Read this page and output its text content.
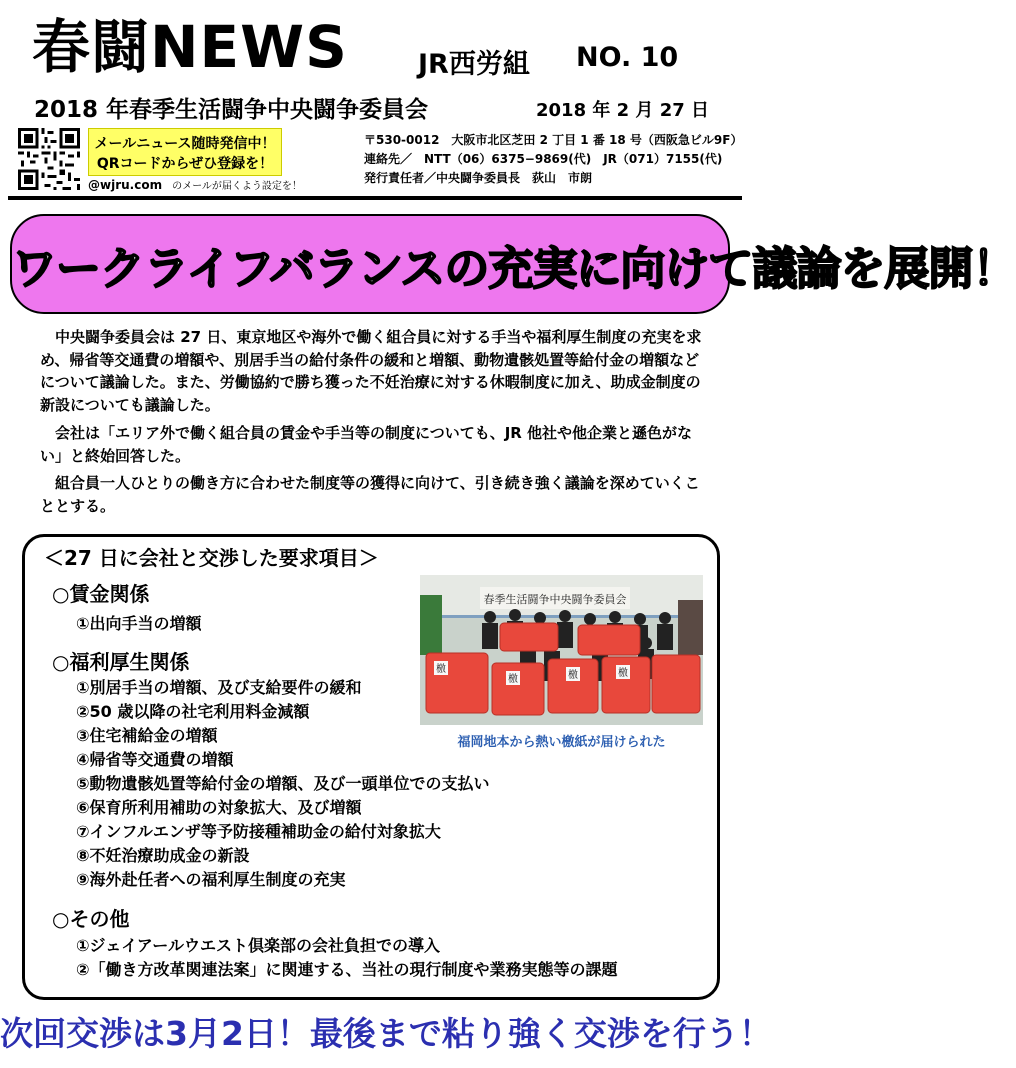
春闘NEWS	JR西労組 NO. 10
2018 年春季生活闘争中央闘争委員会	2018 年 2 月 27 日
メールニュース随時発信中！
QRコードからぜひ登録を！
@wjru.com　 のメールが届くよう設定を！
〒530-0012　大阪市北区芝田 2 丁目 1 番 18 号（西阪急ビル9F）
連絡先／　NTT（06）6375−9869(代)　JR（071）7155(代)
発行責任者／中央闘争委員長　荻山　市朗
ワークライフバランスの充実に向けて議論を展開！
　中央闘争委員会は 27 日、東京地区や海外で働く組合員に対する手当や福利厚生制度の充実を求め、帰省等交通費の増額や、別居手当の給付条件の緩和と増額、動物遺骸処置等給付金の増額などについて議論した。また、労働協約で勝ち獲った不妊治療に対する休暇制度に加え、助成金制度の新設についても議論した。
　会社は「エリア外で働く組合員の賃金や手当等の制度についても、JR 他社や他企業と遜色がない」と終始回答した。
　組合員一人ひとりの働き方に合わせた制度等の獲得に向けて、引き続き強く議論を深めていくこととする。
＜27 日に会社と交渉した要求項目＞
○賃金関係
①出向手当の増額
○福利厚生関係
①別居手当の増額、及び支給要件の緩和
②50 歳以降の社宅利用料金減額
③住宅補給金の増額
④帰省等交通費の増額
⑤動物遺骸処置等給付金の増額、及び一頭単位での支払い
⑥保育所利用補助の対象拡大、及び増額
⑦インフルエンザ等予防接種補助金の給付対象拡大
⑧不妊治療助成金の新設
⑨海外赴任者への福利厚生制度の充実
○その他
①ジェイアールウエスト倶楽部の会社負担での導入
②「働き方改革関連法案」に関連する、当社の現行制度や業務実態等の課題
春季生活闘争中央闘争委員会
檄
檄	檄	檄
福岡地本から熱い檄紙が届けられた
次回交渉は3月2日！最後まで粘り強く交渉を行う！
